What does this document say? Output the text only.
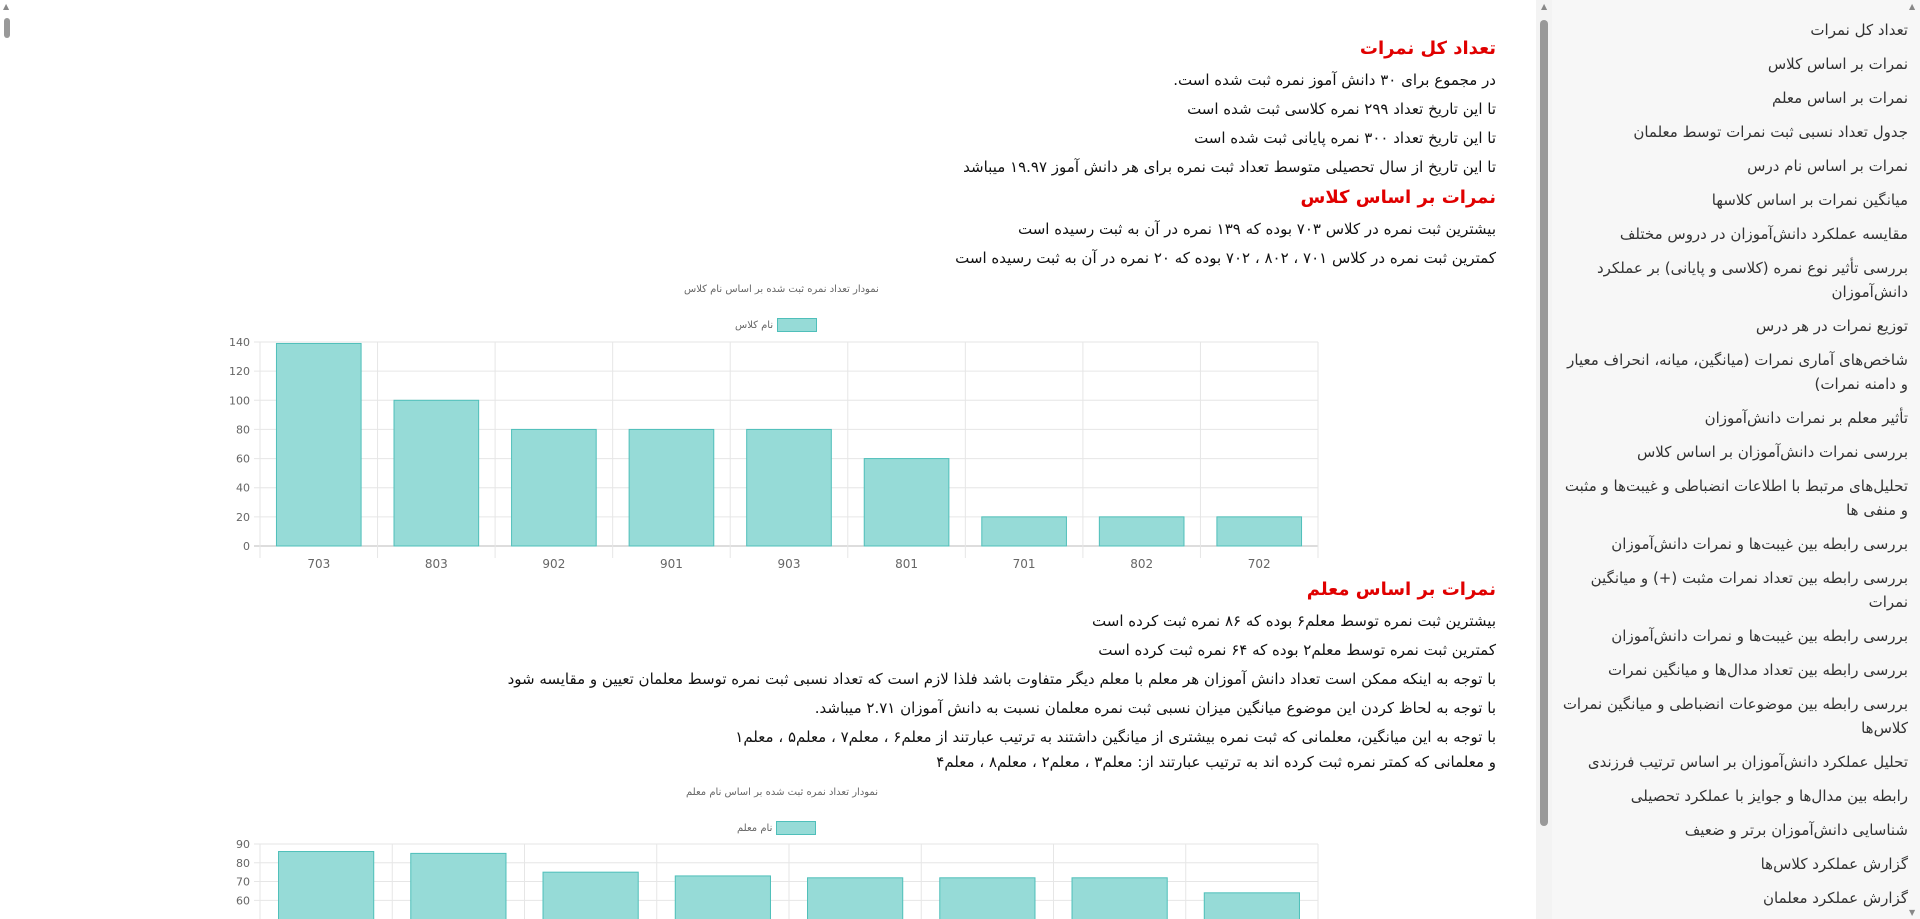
▲
تعداد کل نمرات
در مجموع برای ۳۰ دانش آموز نمره ثبت شده است.
تا این تاریخ تعداد ۲۹۹ نمره کلاسی ثبت شده است
تا این تاریخ تعداد ۳۰۰ نمره پایانی ثبت شده است
تا این تاریخ از سال تحصیلی متوسط تعداد ثبت نمره برای هر دانش آموز ۱۹.۹۷ میباشد
نمرات بر اساس کلاس
بیشترین ثبت نمره در کلاس ۷۰۳ بوده که ۱۳۹ نمره در آن به ثبت رسیده است
کمترین ثبت نمره در کلاس ۷۰۱ ، ۸۰۲ ، ۷۰۲ بوده که ۲۰ نمره در آن به ثبت رسیده است
نمودار تعداد نمره ثبت شده بر اساس نام کلاس
نام کلاس
0
20
40
60
80
100
120
140
703	803	902	901	903	801	701	802	702
نمرات بر اساس معلم
بیشترین ثبت نمره توسط معلم۶ بوده که ۸۶ نمره ثبت کرده است
کمترین ثبت نمره توسط معلم۲ بوده که ۶۴ نمره ثبت کرده است
با توجه به اینکه ممکن است تعداد دانش آموزان هر معلم با معلم دیگر متفاوت باشد فلذا لازم است که تعداد نسبی ثبت نمره توسط معلمان تعیین و مقایسه شود
با توجه به لحاظ کردن این موضوع میانگین میزان نسبی ثبت نمره معلمان نسبت به دانش آموزان ۲.۷۱ میباشد.
با توجه به این میانگین، معلمانی که ثبت نمره بیشتری از میانگین داشتند به ترتیب عبارتند از معلم۶ ، معلم۷ ، معلم۵ ، معلم۱
و معلمانی که کمتر نمره ثبت کرده اند به ترتیب عبارتند از: معلم۳ ، معلم۲ ، معلم۸ ، معلم۴
نمودار تعداد نمره ثبت شده بر اساس نام معلم
نام معلم
60
70
80
90
▲
تعداد کل نمرات
نمرات بر اساس کلاس
نمرات بر اساس معلم
جدول تعداد نسبی ثبت نمرات توسط معلمان
نمرات بر اساس نام درس
میانگین نمرات بر اساس کلاسها
مقایسه عملکرد دانش‌آموزان در دروس مختلف
بررسی تأثیر نوع نمره (کلاسی و پایانی) بر عملکرد دانش‌آموزان
توزیع نمرات در هر درس
شاخص‌های آماری نمرات (میانگین، میانه، انحراف معیار و دامنه نمرات)
تأثیر معلم بر نمرات دانش‌آموزان
بررسی نمرات دانش‌آموزان بر اساس کلاس
تحلیل‌های مرتبط با اطلاعات انضباطی و غیبت‌ها و مثبت و منفی ها
بررسی رابطه بین غیبت‌ها و نمرات دانش‌آموزان
بررسی رابطه بین تعداد نمرات مثبت (+) و میانگین نمرات
بررسی رابطه بین غیبت‌ها و نمرات دانش‌آموزان
بررسی رابطه بین تعداد مدال‌ها و میانگین نمرات
بررسی رابطه بین موضوعات انضباطی و میانگین نمرات کلاس‌ها
تحلیل عملکرد دانش‌آموزان بر اساس ترتیب فرزندی
رابطه بین مدال‌ها و جوایز با عملکرد تحصیلی
شناسایی دانش‌آموزان برتر و ضعیف
گزارش عملکرد کلاس‌ها
گزارش عملکرد معلمان
▲
▼
